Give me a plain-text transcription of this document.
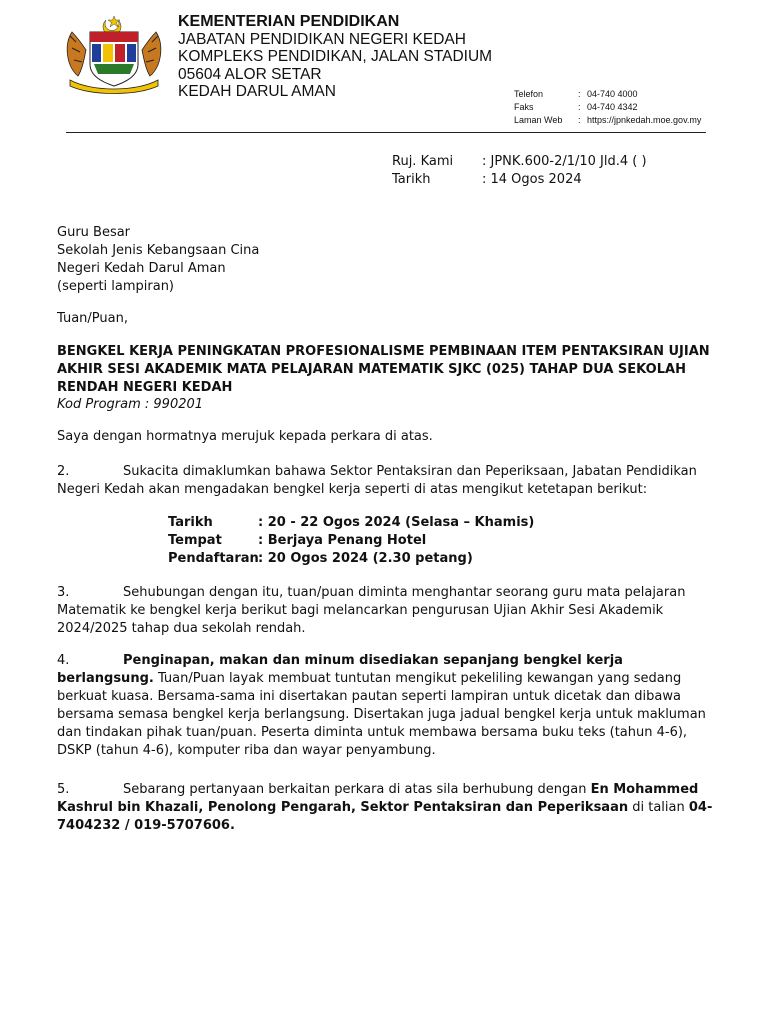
KEMENTERIAN PENDIDIKAN
JABATAN PENDIDIKAN NEGERI KEDAH
KOMPLEKS PENDIDIKAN, JALAN STADIUM
05604 ALOR SETAR
KEDAH DARUL AMAN	Telefon	: 04-740 4000
Faks	: 04-740 4342
Laman Web	: https://jpnkedah.moe.gov.my
Ruj. Kami	: JPNK.600-2/1/10 Jld.4 ( )
Tarikh	: 14 Ogos 2024
Guru Besar
Sekolah Jenis Kebangsaan Cina
Negeri Kedah Darul Aman
(seperti lampiran)
Tuan/Puan,
BENGKEL KERJA PENINGKATAN PROFESIONALISME PEMBINAAN ITEM PENTAKSIRAN UJIAN
AKHIR SESI AKADEMIK MATA PELAJARAN MATEMATIK SJKC (025) TAHAP DUA SEKOLAH
RENDAH NEGERI KEDAH
Kod Program : 990201
Saya dengan hormatnya merujuk kepada perkara di atas.
2.	Sukacita dimaklumkan bahawa Sektor Pentaksiran dan Peperiksaan, Jabatan Pendidikan Negeri Kedah akan mengadakan bengkel kerja seperti di atas mengikut ketetapan berikut:
Tarikh	: 20 - 22 Ogos 2024 (Selasa – Khamis)
Tempat	: Berjaya Penang Hotel
Pendaftaran : 20 Ogos 2024 (2.30 petang)
3.	Sehubungan dengan itu, tuan/puan diminta menghantar seorang guru mata pelajaran Matematik ke bengkel kerja berikut bagi melancarkan pengurusan Ujian Akhir Sesi Akademik 2024/2025 tahap dua sekolah rendah.
4.	Penginapan, makan dan minum disediakan sepanjang bengkel kerja berlangsung. Tuan/Puan layak membuat tuntutan mengikut pekeliling kewangan yang sedang berkuat kuasa. Bersama-sama ini disertakan pautan seperti lampiran untuk dicetak dan dibawa bersama semasa bengkel kerja berlangsung. Disertakan juga jadual bengkel kerja untuk makluman dan tindakan pihak tuan/puan. Peserta diminta untuk membawa bersama buku teks (tahun 4-6), DSKP (tahun 4-6), komputer riba dan wayar penyambung.
5.	Sebarang pertanyaan berkaitan perkara di atas sila berhubung dengan En Mohammed Kashrul bin Khazali, Penolong Pengarah, Sektor Pentaksiran dan Peperiksaan di talian 04-7404232 / 019-5707606.
